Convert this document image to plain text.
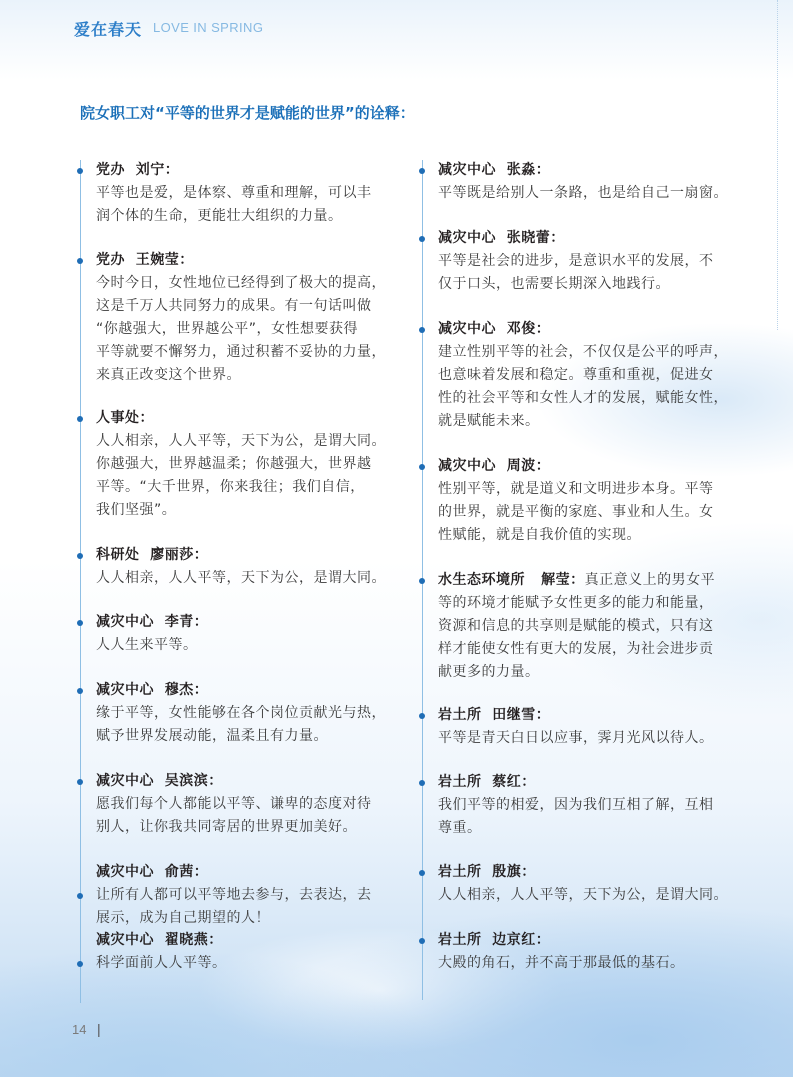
爱在春天 LOVE IN SPRING
院女职工对“平等的世界才是赋能的世界”的诠释：
党办  刘宁：
平等也是爱，是体察、尊重和理解，可以丰
润个体的生命，更能壮大组织的力量。
党办  王婉莹：
今时今日，女性地位已经得到了极大的提高，
这是千万人共同努力的成果。有一句话叫做
“你越强大，世界越公平”，女性想要获得
平等就要不懈努力，通过积蓄不妥协的力量，
来真正改变这个世界。
人事处：
人人相亲，人人平等，天下为公，是谓大同。
你越强大，世界越温柔；你越强大，世界越
平等。“大千世界，你来我往；我们自信，
我们坚强”。
科研处  廖丽莎：
人人相亲，人人平等，天下为公，是谓大同。
减灾中心  李青：
人人生来平等。
减灾中心  穆杰：
缘于平等，女性能够在各个岗位贡献光与热，
赋予世界发展动能，温柔且有力量。
减灾中心  吴滨滨：
愿我们每个人都能以平等、谦卑的态度对待
别人，让你我共同寄居的世界更加美好。
减灾中心  俞茜：
让所有人都可以平等地去参与，去表达，去
展示，成为自己期望的人！
减灾中心  翟晓燕：
科学面前人人平等。
减灾中心  张淼：
平等既是给别人一条路，也是给自己一扇窗。
减灾中心  张晓蕾：
平等是社会的进步，是意识水平的发展，不
仅于口头，也需要长期深入地践行。
减灾中心  邓俊：
建立性别平等的社会，不仅仅是公平的呼声，
也意味着发展和稳定。尊重和重视，促进女
性的社会平等和女性人才的发展，赋能女性，
就是赋能未来。
减灾中心  周波：
性别平等，就是道义和文明进步本身。平等
的世界，就是平衡的家庭、事业和人生。女
性赋能，就是自我价值的实现。
水生态环境所   解莹：真正意义上的男女平
等的环境才能赋予女性更多的能力和能量，
资源和信息的共享则是赋能的模式，只有这
样才能使女性有更大的发展，为社会进步贡
献更多的力量。
岩土所  田继雪：
平等是青天白日以应事，霁月光风以待人。
岩土所  蔡红：
我们平等的相爱，因为我们互相了解，互相
尊重。
岩土所  殷旗：
人人相亲，人人平等，天下为公，是谓大同。
岩土所  边京红：
大殿的角石，并不高于那最低的基石。
14 |
